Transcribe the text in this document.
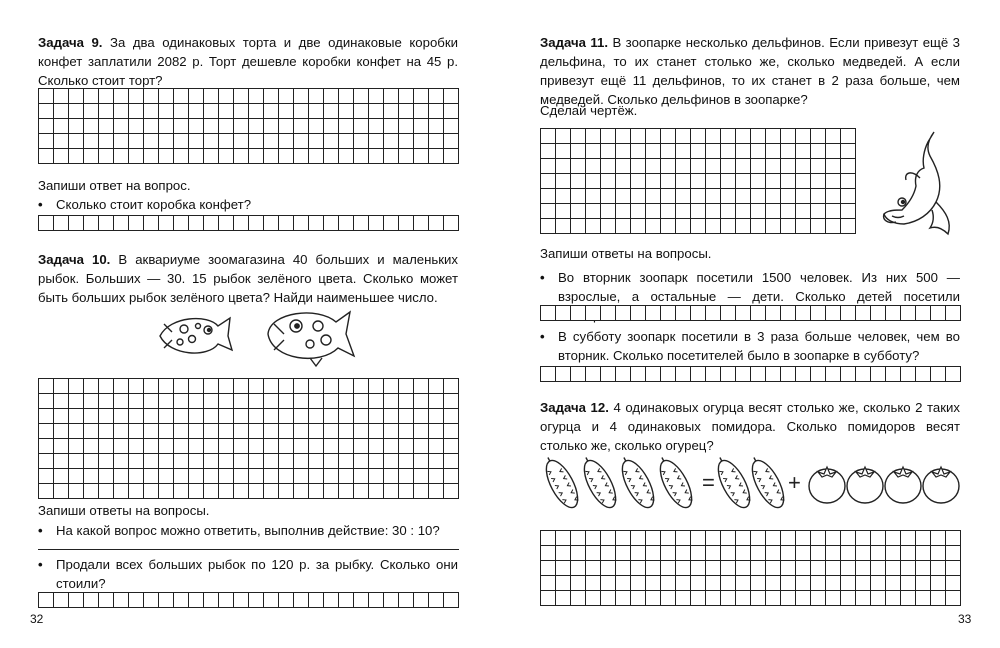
Задача 9. За два одинаковых торта и две одинаковые коробки конфет заплатили 2082 р. Торт дешевле коробки конфет на 45 р. Сколько стоит торт?

Запиши ответ на вопрос.

•	Сколько стоит коробка конфет?

Задача 10. В аквариуме зоомагазина 40 больших и маленьких рыбок. Больших — 30. 15 рыбок зелёного цвета. Сколько может быть больших рыбок зелёного цвета? Найди наименьшее число.

Запиши ответы на вопросы.

•	На какой вопрос можно ответить, выполнив действие: 30 : 10?
•	Продали всех больших рыбок по 120 р. за рыбку. Сколько они стоили?
32

Задача 11. В зоопарке несколько дельфинов. Если привезут ещё 3 дельфина, то их станет столько же, сколько медведей. А если привезут ещё 11 дельфинов, то их станет в 2 раза больше, чем медведей. Сколько дельфинов в зоопарке?

Сделай чертёж.

Запиши ответы на вопросы.

•	Во вторник зоопарк посетили 1500 человек. Из них 500 — взрослые, а остальные — дети. Сколько детей посетили
•	В субботу зоопарк посетили в 3 раза больше человек, чем во вторник. Сколько посетителей было в зоопарке в субботу?

Задача 12. 4 одинаковых огурца весят столько же, сколько 2 таких огурца и 4 одинаковых помидора. Сколько помидоров весят столько же, сколько огурец?

=	+
33
